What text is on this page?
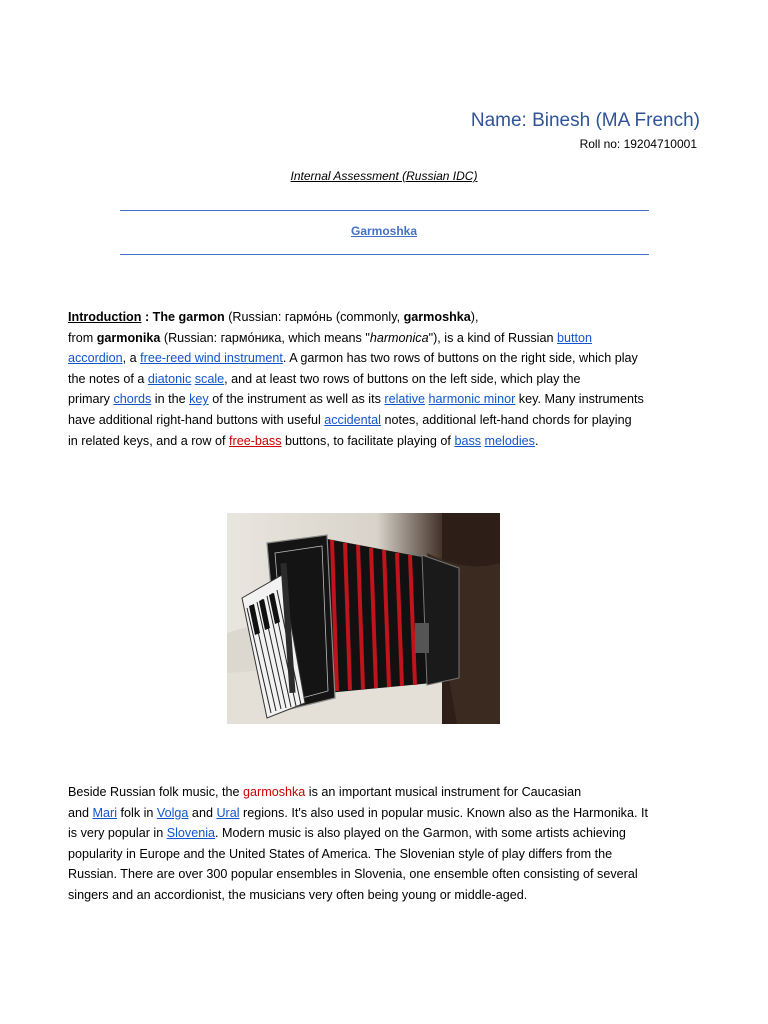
Name: Binesh (MA French)
Roll no: 19204710001
Internal Assessment (Russian IDC)
Garmoshka
Introduction : The garmon (Russian: гармо́нь (commonly, garmoshka),
from garmonika (Russian: гармо́ника, which means "harmonica"), is a kind of Russian button
accordion, a free-reed wind instrument. A garmon has two rows of buttons on the right side, which play
the notes of a diatonic scale, and at least two rows of buttons on the left side, which play the
primary chords in the key of the instrument as well as its relative harmonic minor key. Many instruments
have additional right-hand buttons with useful accidental notes, additional left-hand chords for playing
in related keys, and a row of free-bass buttons, to facilitate playing of bass melodies.
Beside Russian folk music, the garmoshka is an important musical instrument for Caucasian
and Mari folk in Volga and Ural regions. It's also used in popular music. Known also as the Harmonika. It
is very popular in Slovenia. Modern music is also played on the Garmon, with some artists achieving
popularity in Europe and the United States of America. The Slovenian style of play differs from the
Russian. There are over 300 popular ensembles in Slovenia, one ensemble often consisting of several
singers and an accordionist, the musicians very often being young or middle-aged.
